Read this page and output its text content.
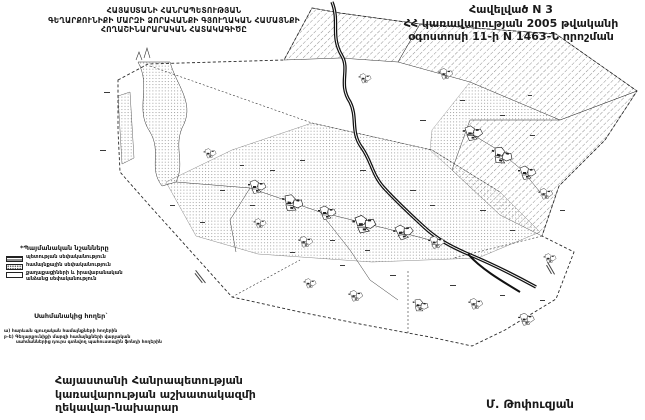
ՀԱՅԱՍՏԱՆԻ ՀԱՆՐԱՊԵՏՈՒԹՅԱՆ
ԳԵՂԱՐՔՈՒՆԻՔԻ ՄԱՐԶԻ ՁՈՐԱՎԱՆՔԻ ԳՅՈՒՂԱԿԱՆ ՀԱՄԱՅՆՔԻ
ՀՈՂԱՇԻՆԱՐԱՐԱԿԱՆ ՀԱՏԱԿԱԳԻԾԸ
Հավելված N 3
ՀՀ կառավարության 2005 թվականի
օգոստոսի 11-ի N 1463-Ն որոշման
*Պայմանական նշանները
պետության սեփականություն
համայնքային սեփականություն
քաղաքացիների և իրավաբանական
անձանց սեփականություն
Սահմանակից հողեր`
ա) հարևան գյուղական համայնքների հողերին
բ-ե) Գեղարքունիքի մարզի համայնքների վարչական
սահմաններից դուրս գտնվող պահուստային ֆոնդի հողերին
Հայաստանի Հանրապետության
կառավարության աշխատակազմի
ղեկավար-նախարար	Մ. Թոփուզյան
